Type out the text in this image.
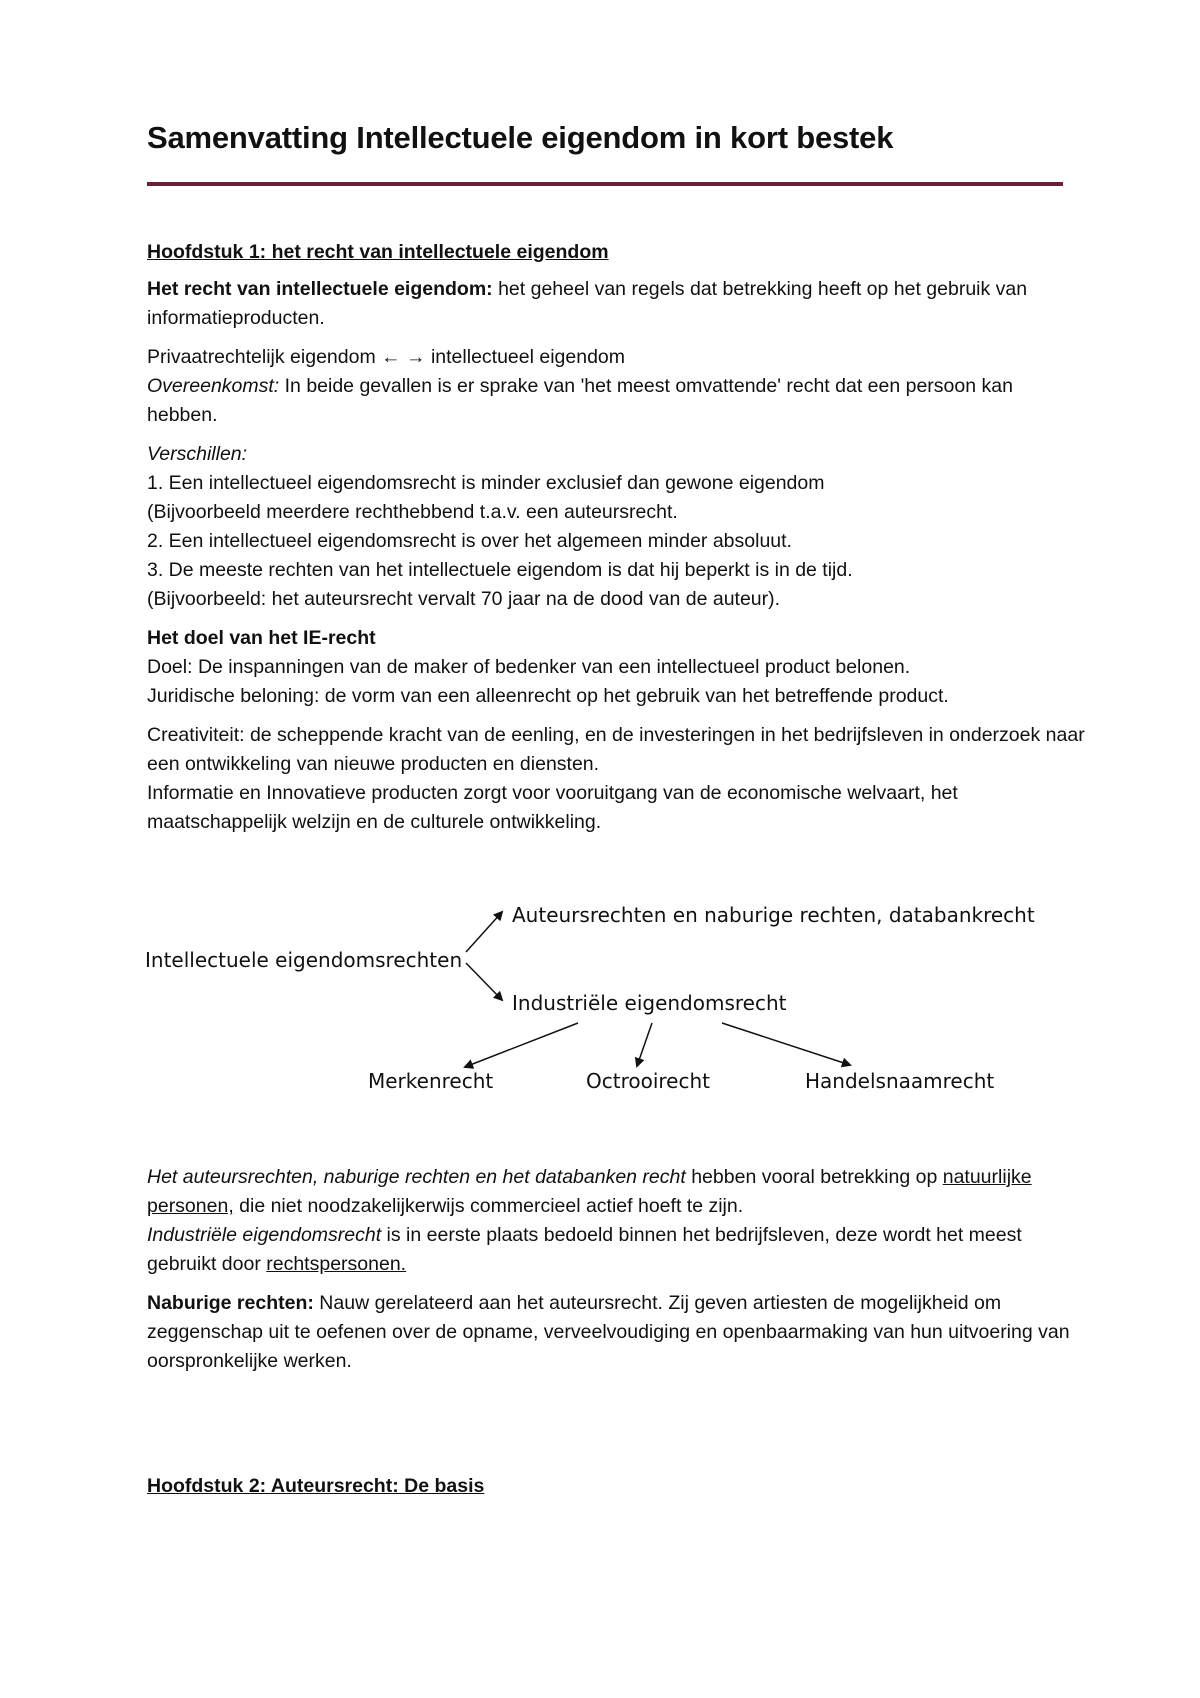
Samenvatting Intellectuele eigendom in kort bestek

Hoofdstuk 1: het recht van intellectuele eigendom

Het recht van intellectuele eigendom: het geheel van regels dat betrekking heeft op het gebruik van informatieproducten.

Privaatrechtelijk eigendom ← → intellectueel eigendom
Overeenkomst: In beide gevallen is er sprake van 'het meest omvattende' recht dat een persoon kan hebben.

Verschillen:
1. Een intellectueel eigendomsrecht is minder exclusief dan gewone eigendom
(Bijvoorbeeld meerdere rechthebbend t.a.v. een auteursrecht.
2. Een intellectueel eigendomsrecht is over het algemeen minder absoluut.
3. De meeste rechten van het intellectuele eigendom is dat hij beperkt is in de tijd.
(Bijvoorbeeld: het auteursrecht vervalt 70 jaar na de dood van de auteur).

Het doel van het IE-recht
Doel: De inspanningen van de maker of bedenker van een intellectueel product belonen.
Juridische beloning: de vorm van een alleenrecht op het gebruik van het betreffende product.

Creativiteit: de scheppende kracht van de eenling, en de investeringen in het bedrijfsleven in onderzoek naar een ontwikkeling van nieuwe producten en diensten.
Informatie en Innovatieve producten zorgt voor vooruitgang van de economische welvaart, het maatschappelijk welzijn en de culturele ontwikkeling.

Intellectuele eigendomsrechten
Auteursrechten en naburige rechten, databankrecht
Industriële eigendomsrecht
Merkenrecht	Octrooirecht	Handelsnaamrecht

Het auteursrechten, naburige rechten en het databanken recht hebben vooral betrekking op natuurlijke personen, die niet noodzakelijkerwijs commercieel actief hoeft te zijn.
Industriële eigendomsrecht is in eerste plaats bedoeld binnen het bedrijfsleven, deze wordt het meest gebruikt door rechtspersonen.

Naburige rechten: Nauw gerelateerd aan het auteursrecht. Zij geven artiesten de mogelijkheid om zeggenschap uit te oefenen over de opname, verveelvoudiging en openbaarmaking van hun uitvoering van oorspronkelijke werken.

Hoofdstuk 2: Auteursrecht: De basis
